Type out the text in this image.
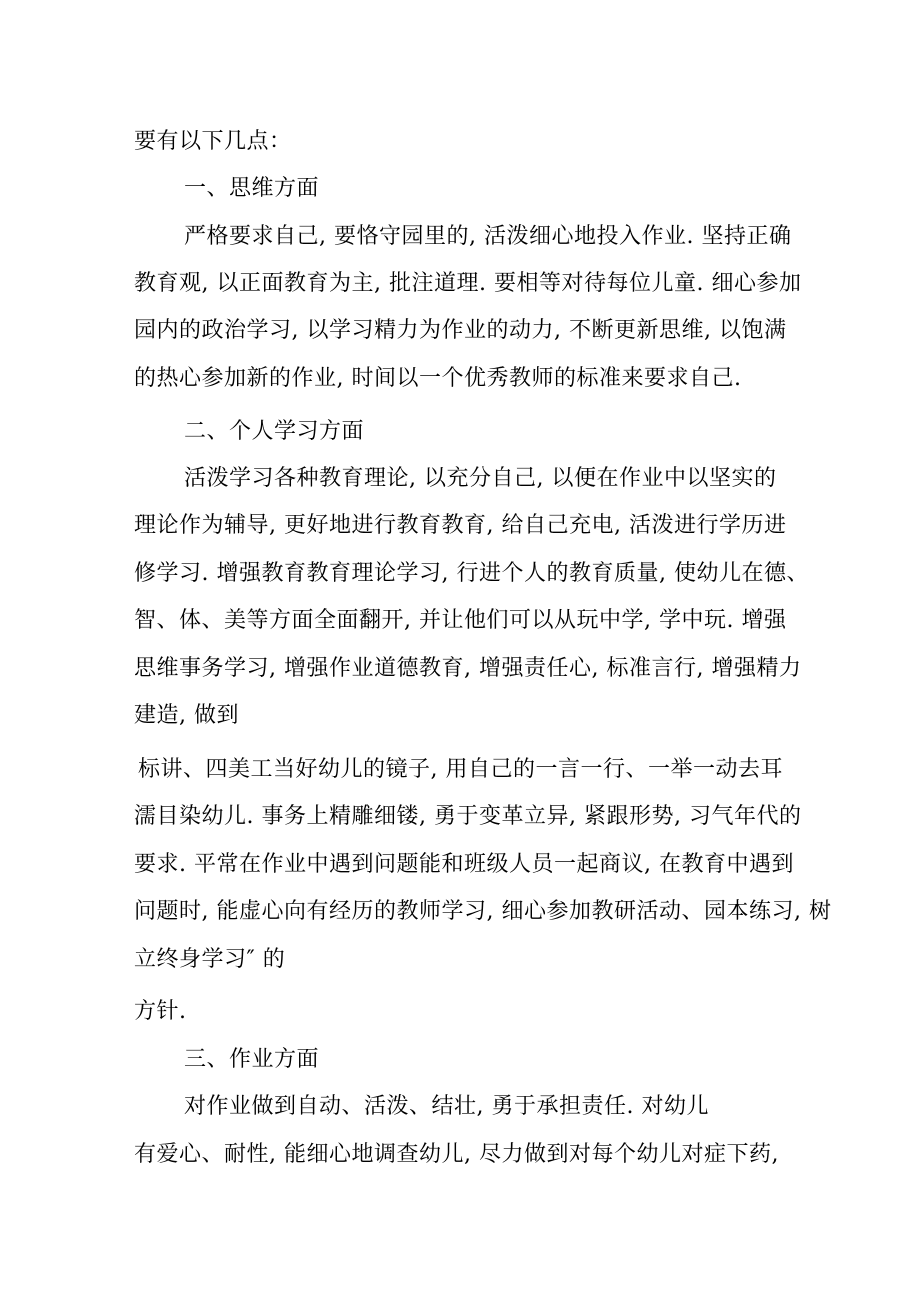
要有以下几点：
一、思维方面
严格要求自己, 要恪守园里的, 活泼细心地投入作业. 坚持正确
教育观, 以正面教育为主, 批注道理. 要相等对待每位儿童. 细心参加
园内的政治学习, 以学习精力为作业的动力, 不断更新思维, 以饱满
的热心参加新的作业, 时间以一个优秀教师的标准来要求自己.
二、个人学习方面
活泼学习各种教育理论, 以充分自己, 以便在作业中以坚实的
理论作为辅导, 更好地进行教育教育, 给自己充电, 活泼进行学历进
修学习. 增强教育教育理论学习, 行进个人的教育质量, 使幼儿在德、
智、体、美等方面全面翻开, 并让他们可以从玩中学, 学中玩. 增强
思维事务学习, 增强作业道德教育, 增强责任心, 标准言行, 增强精力
建造, 做到
标讲、四美工当好幼儿的镜子, 用自己的一言一行、一举一动去耳
濡目染幼儿. 事务上精雕细镂, 勇于变革立异, 紧跟形势, 习气年代的
要求. 平常在作业中遇到问题能和班级人员一起商议, 在教育中遇到
问题时, 能虚心向有经历的教师学习, 细心参加教研活动、园本练习, 树
立终身学习″ 的
方针.
三、作业方面
对作业做到自动、活泼、结壮, 勇于承担责任. 对幼儿
有爱心、耐性, 能细心地调查幼儿, 尽力做到对每个幼儿对症下药,
